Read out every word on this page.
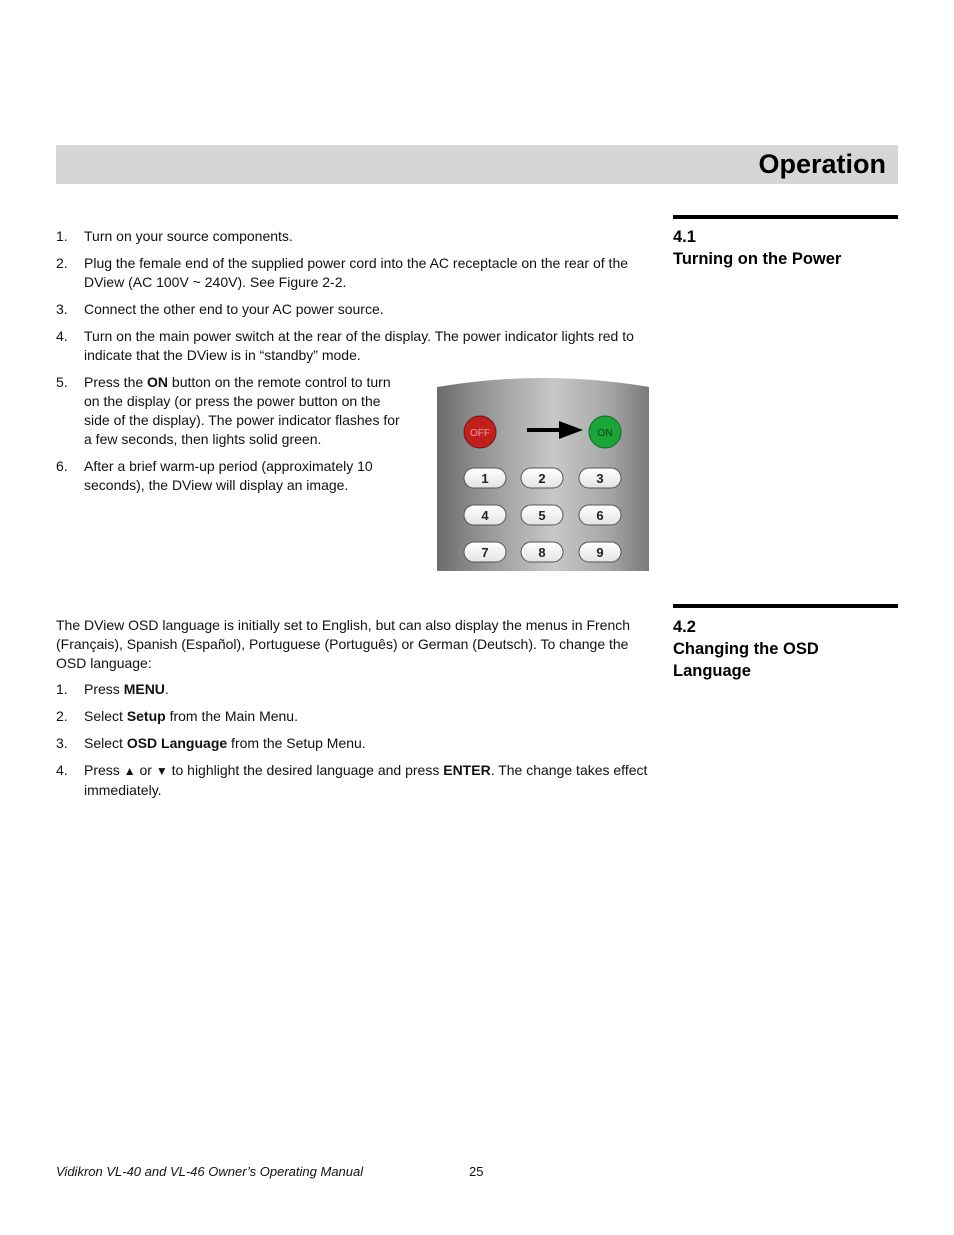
Operation
4.1
Turning on the Power
1. Turn on your source components.
2. Plug the female end of the supplied power cord into the AC receptacle on the rear of the DView (AC 100V ~ 240V). See Figure 2-2.
3. Connect the other end to your AC power source.
4. Turn on the main power switch at the rear of the display. The power indicator lights red to indicate that the DView is in “standby” mode.
5. Press the ON button on the remote control to turn on the display (or press the power button on the side of the display). The power indicator flashes for a few seconds, then lights solid green.
6. After a brief warm-up period (approximately 10 seconds), the DView will display an image.
OFF	ON
1	2	3
4	5	6
7	8	9
4.2
Changing the OSD
Language

The DView OSD language is initially set to English, but can also display the menus in French (Français), Spanish (Español), Portuguese (Português) or German (Deutsch). To change the OSD language:

1. Press MENU.
2. Select Setup from the Main Menu.
3. Select OSD Language from the Setup Menu.
4. Press ▲ or ▼ to highlight the desired language and press ENTER. The change takes effect immediately.
Vidikron VL-40 and VL-46 Owner’s Operating Manual	25
